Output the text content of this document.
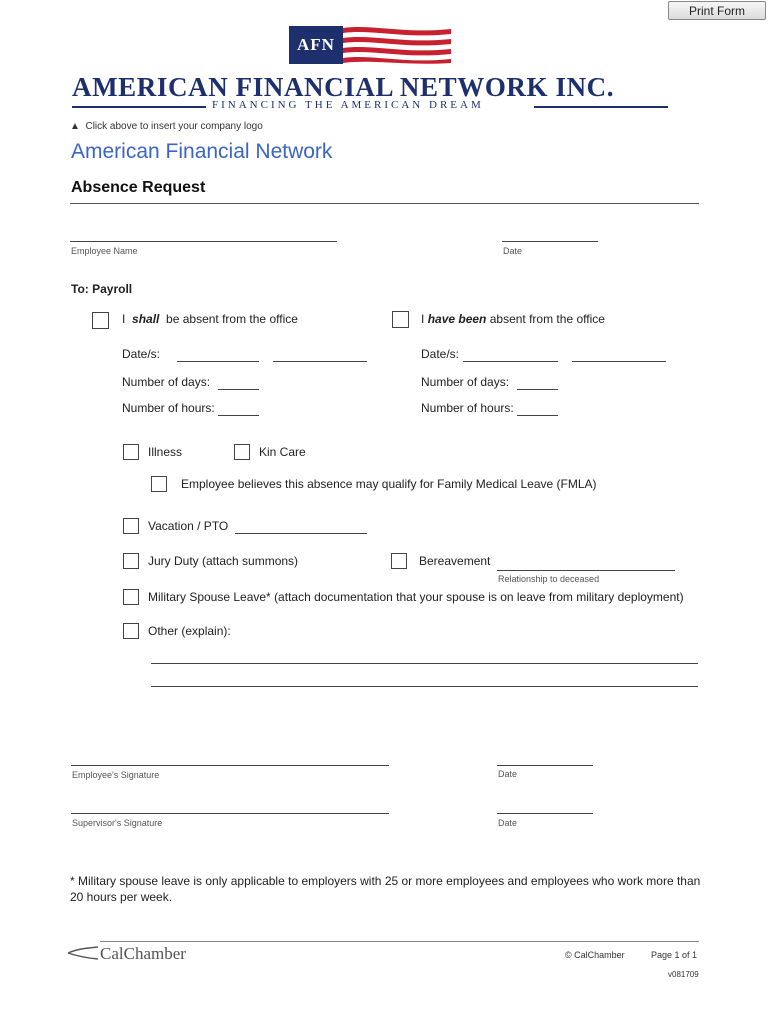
Print Form
AFN
AMERICAN FINANCIAL NETWORK INC.
FINANCING THE AMERICAN DREAM
▲ Click above to insert your company logo
American Financial Network
Absence Request
Employee Name	Date
To: Payroll
I shall be absent from the office
Date/s:
Number of days:
Number of hours:
I have been absent from the office
Date/s:
Number of days:
Number of hours:
Illness	Kin Care
Employee believes this absence may qualify for Family Medical Leave (FMLA)
Vacation / PTO
Jury Duty (attach summons)	Bereavement
Relationship to deceased
Military Spouse Leave* (attach documentation that your spouse is on leave from military deployment)
Other (explain):
Employee's Signature	Date
Supervisor's Signature	Date
* Military spouse leave is only applicable to employers with 25 or more employees and employees who work more than 20 hours per week.
CalChamber	© CalChamber	Page 1 of 1
v081709
